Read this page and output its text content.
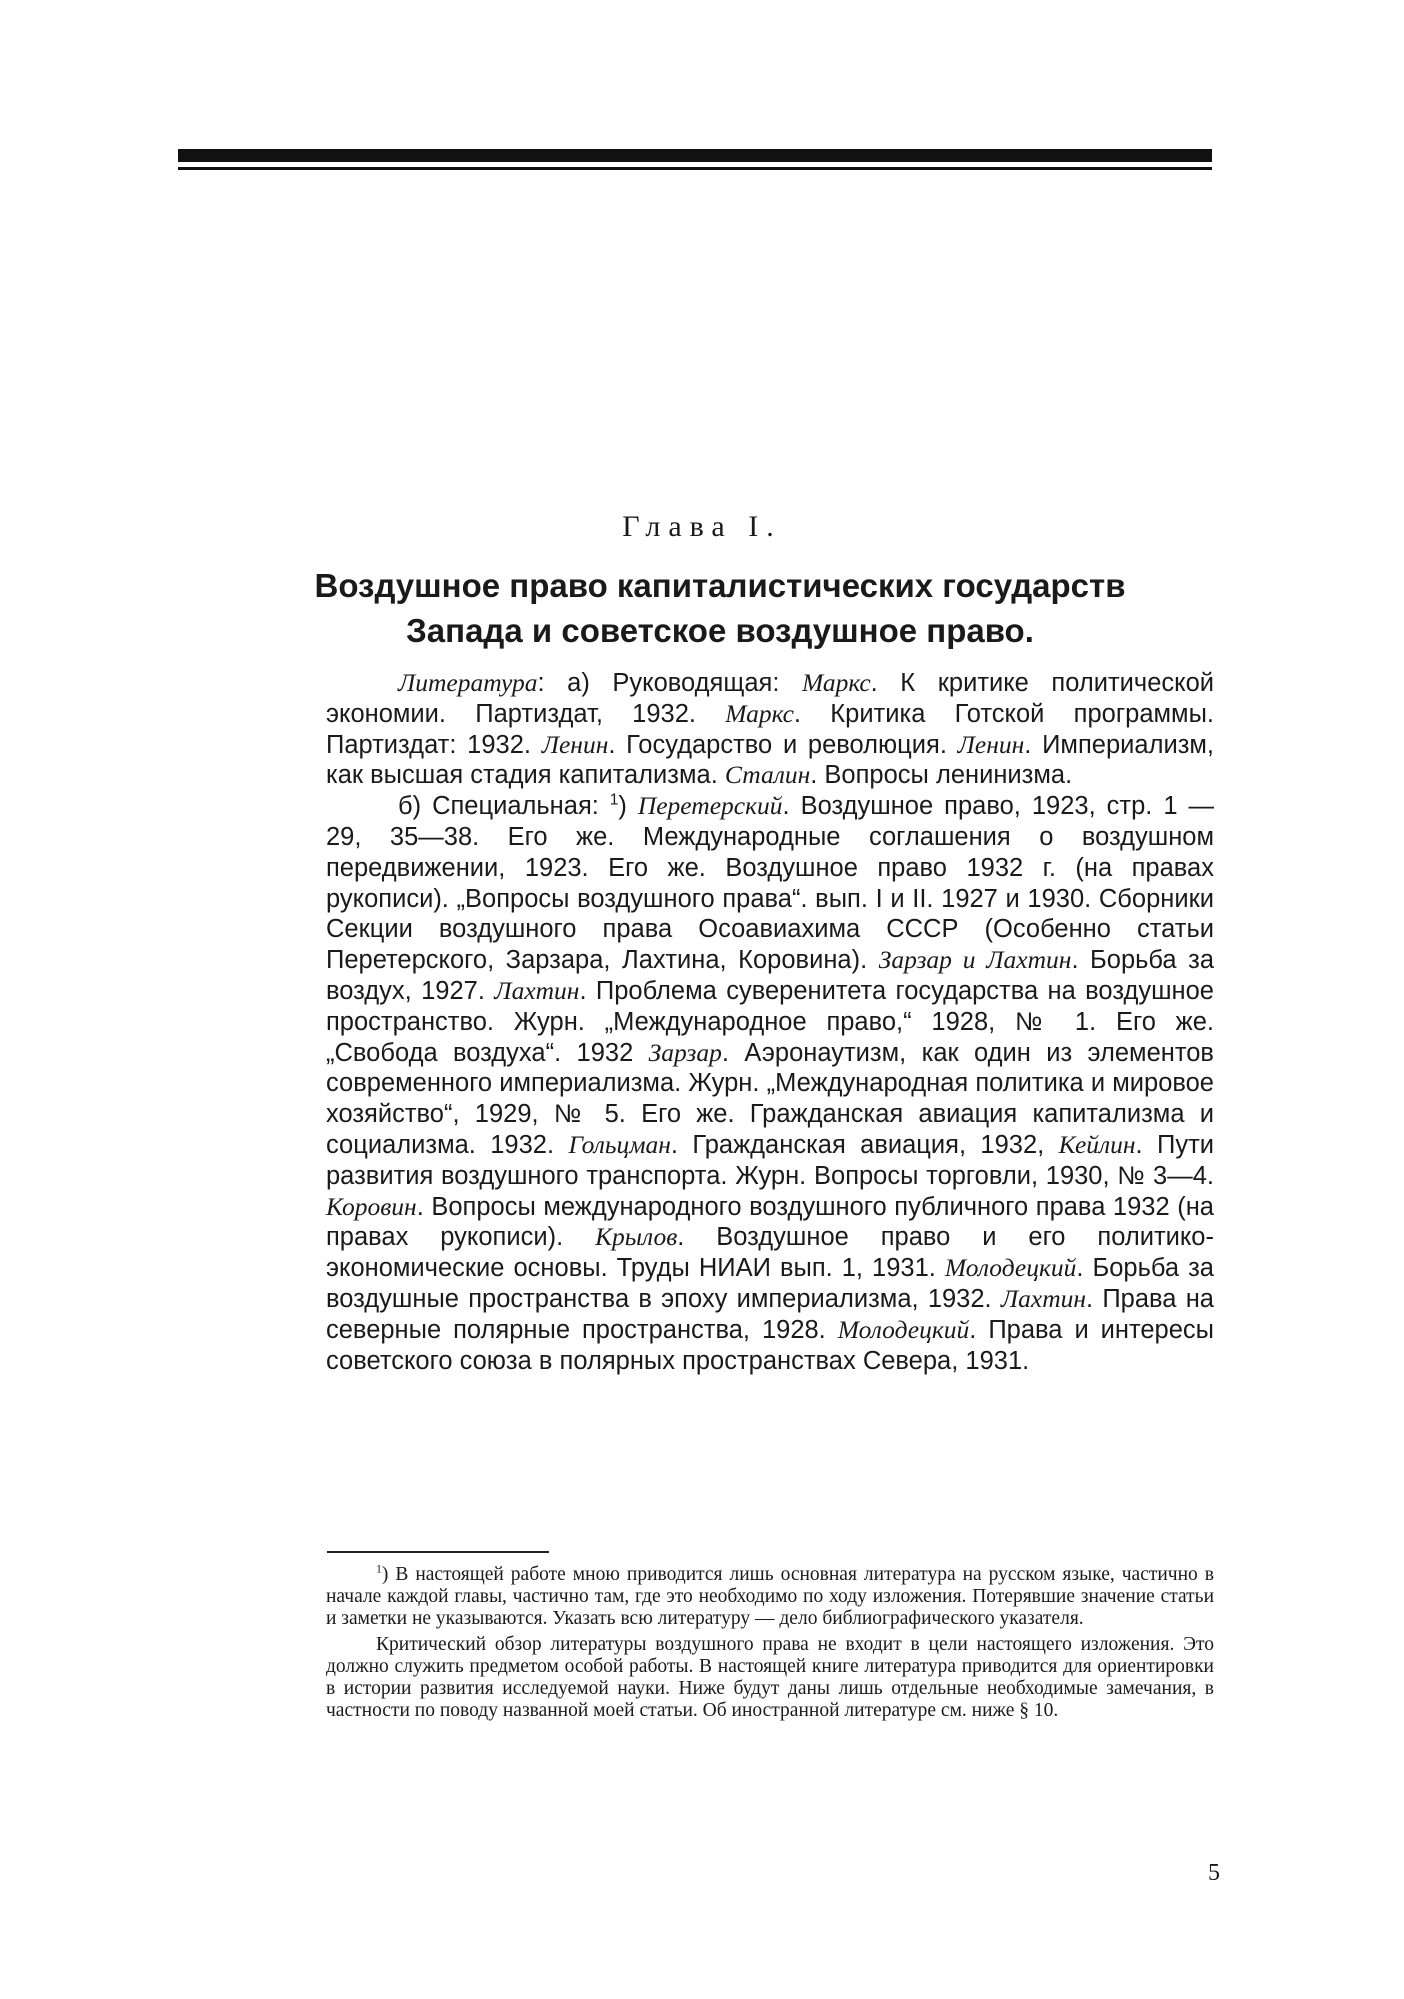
Глава I.
Воздушное право капиталистических государств
Запада и советское воздушное право.

Литература: а) Руководящая: Маркс. К критике политической экономии. Партиздат, 1932. Маркс. Критика Готской программы. Партиздат: 1932. Ленин. Государство и революция. Ленин. Империализм, как высшая стадия капитализма. Сталин. Вопросы ленинизма.

б) Специальная: $^1$) Перетерский. Воздушное право, 1923, стр. 1 — 29, 35—38. Его же. Международные соглашения о воздушном передвижении, 1923. Его же. Воздушное право 1932 г. (на правах рукописи). „Вопросы воздушного права“. вып. I и II. 1927 и 1930. Сборники Секции воздушного права Осоавиахима СССР (Особенно статьи Перетерского, Зарзара, Лахтина, Коровина). Зарзар и Лахтин. Борьба за воздух, 1927. Лахтин. Проблема суверенитета государства на воздушное пространство. Журн. „Международное право,“ 1928, № 1. Его же. „Свобода воздуха“. 1932 Зарзар. Аэронаутизм, как один из элементов современного империализма. Журн. „Международная политика и мировое хозяйство“, 1929, № 5. Его же. Гражданская авиация капитализма и социализма. 1932. Гольцман. Гражданская авиация, 1932, Кейлин. Пути развития воздушного транспорта. Журн. Вопросы торговли, 1930, № 3—4. Коровин. Вопросы международного воздушного публичного права 1932 (на правах рукописи). Крылов. Воздушное право и его политико-экономические основы. Труды НИАИ вып. 1, 1931. Молодецкий. Борьба за воздушные пространства в эпоху империализма, 1932. Лахтин. Права на северные полярные пространства, 1928. Молодецкий. Права и интересы советского союза в полярных пространствах Севера, 1931.

$^1$) В настоящей работе мною приводится лишь основная литература на русском языке, частично в начале каждой главы, частично там, где это необходимо по ходу изложения. Потерявшие значение статьи и заметки не указываются. Указать всю литературу — дело библиографического указателя.

Критический обзор литературы воздушного права не входит в цели настоящего изложения. Это должно служить предметом особой работы. В настоящей книге литература приводится для ориентировки в истории развития исследуемой науки. Ниже будут даны лишь отдельные необходимые замечания, в частности по поводу названной моей статьи. Об иностранной литературе см. ниже § 10.

5
